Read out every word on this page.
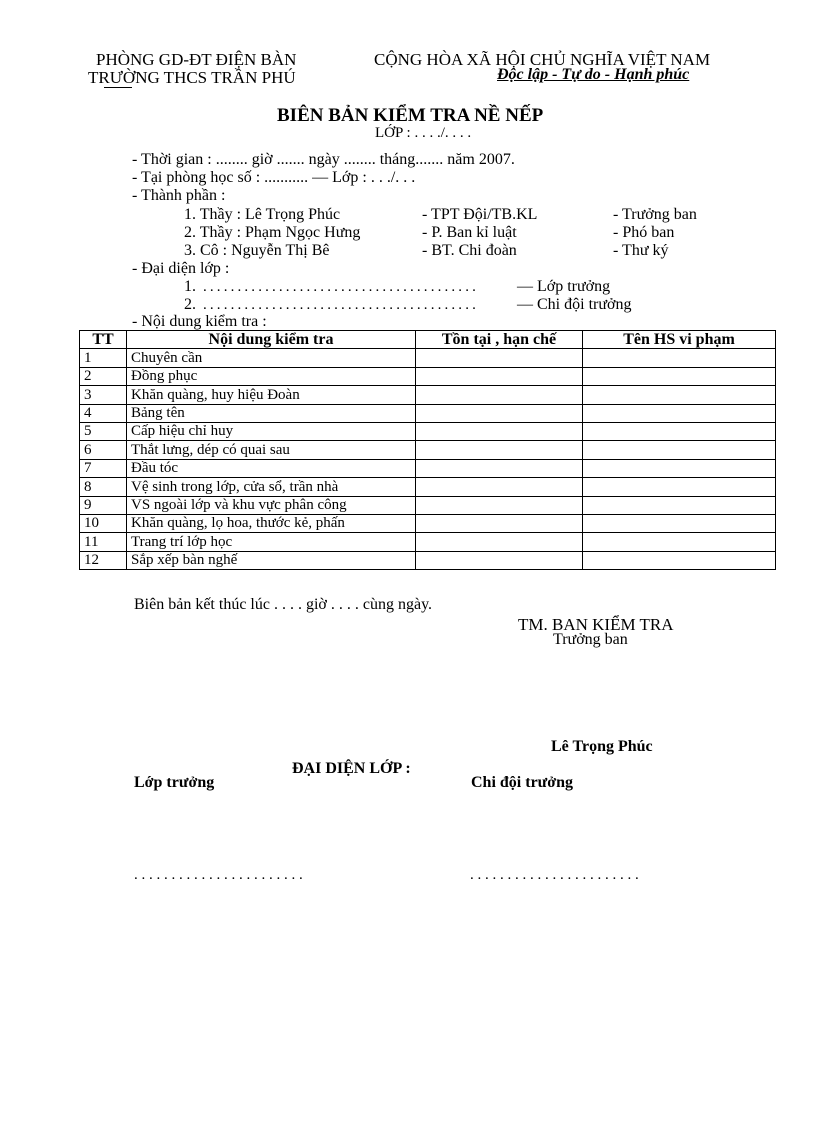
PHÒNG GD-ĐT ĐIỆN BÀN
TRƯỜNG THCS TRẦN PHÚ
CỘNG HÒA XÃ HỘI CHỦ NGHĨA VIỆT NAM
Độc lập - Tự do - Hạnh phúc
BIÊN BẢN KIỂM TRA NỀ NẾP
LỚP : . . . ./. . . .
- Thời gian : ........ giờ ....... ngày ........ tháng....... năm 2007.
- Tại phòng học số : ........... — Lớp : . . ./. . .
- Thành phần :
1. Thầy : Lê Trọng Phúc	- TPT Đội/TB.KL	- Trưởng ban
2. Thầy : Phạm Ngọc Hưng	- P. Ban kỉ luật	- Phó ban
3. Cô : Nguyễn Thị Bê	- BT. Chi đoàn	- Thư ký
- Đại diện lớp :
1. . . . . . . . . . . . . . . . . . . . . . . . . . . . . . . . . . . . . . . . .	— Lớp trưởng
2. . . . . . . . . . . . . . . . . . . . . . . . . . . . . . . . . . . . . . . . .	— Chi đội trưởng
- Nội dung kiểm tra :
TT	Nội dung kiểm tra	Tồn tại , hạn chế	Tên HS vi phạm
1	Chuyên cần		
2	Đồng phục		
3	Khăn quàng, huy hiệu Đoàn		
4	Bảng tên		
5	Cấp hiệu chỉ huy		
6	Thắt lưng, dép có quai sau		
7	Đầu tóc		
8	Vệ sinh trong lớp, cửa sổ, trần nhà		
9	VS ngoài lớp và khu vực phân công		
10	Khăn quàng, lọ hoa, thước kẻ, phấn		
11	Trang trí lớp học		
12	Sắp xếp bàn nghế		
Biên bản kết thúc lúc . . . . giờ . . . . cùng ngày.
TM. BAN KIỂM TRA
Trưởng ban
Lê Trọng Phúc
ĐẠI DIỆN LỚP :
Lớp trưởng	Chi đội trưởng
. . . . . . . . . . . . . . . . . . . . . . .	. . . . . . . . . . . . . . . . . . . . . . .
